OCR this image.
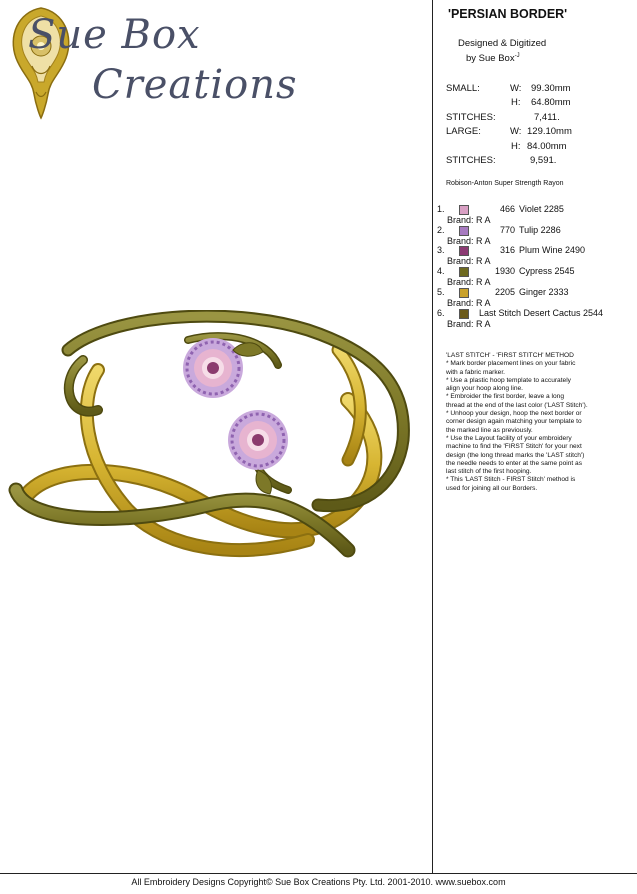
Sue Box
Creations
'PERSIAN BORDER'
Designed & Digitized
by Sue Box$^{-J}$
SMALL:	W: 99.30mm
H: 64.80mm
STITCHES:	7,411.
LARGE:	W: 129.10mm
H: 84.00mm
STITCHES:	9,591.
Robison-Anton Super Strength Rayon
1.	466 Violet 2285
Brand: R A
2.	770 Tulip 2286
Brand: R A
3.	316 Plum Wine 2490
Brand: R A
4.	1930 Cypress 2545
Brand: R A
5.	2205 Ginger 2333
Brand: R A
6.	Last Stitch Desert Cactus 2544
Brand: R A
'LAST STITCH' - 'FIRST STITCH' METHOD
* Mark border placement lines on your fabric
with a fabric marker.
* Use a plastic hoop template to accurately
align your hoop along line.
* Embroider the first border, leave a long
thread at the end of the last color ('LAST Stitch').
* Unhoop your design, hoop the next border or
corner design again matching your template to
the marked line as previously.
* Use the Layout facility of your embroidery
machine to find the 'FIRST Stitch' for your next
design (the long thread marks the 'LAST stitch')
the needle needs to enter at the same point as
last stitch of the first hooping.
* This 'LAST Stitch - FIRST Stitch' method is
used for joining all our Borders.
All Embroidery Designs Copyright© Sue Box Creations Pty. Ltd. 2001-2010. www.suebox.com
